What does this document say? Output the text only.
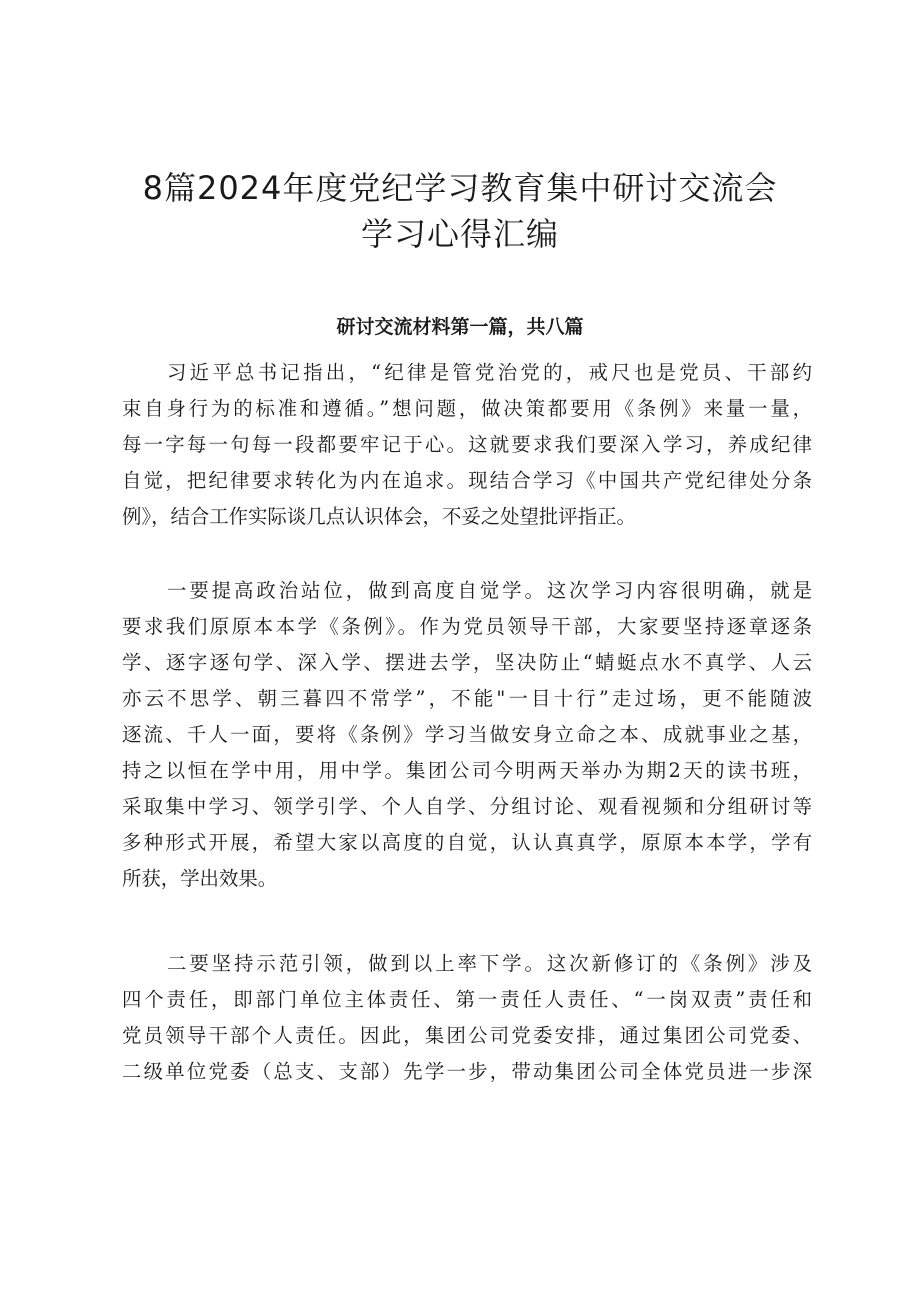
8篇2024年度党纪学习教育集中研讨交流会
学习心得汇编
研讨交流材料第一篇，共八篇

习近平总书记指出，“纪律是管党治党的，戒尺也是党员、干部约
束自身行为的标准和遵循。”想问题，做决策都要用《条例》来量一量，
每一字每一句每一段都要牢记于心。这就要求我们要深入学习，养成纪律
自觉，把纪律要求转化为内在追求。现结合学习《中国共产党纪律处分条
例》，结合工作实际谈几点认识体会，不妥之处望批评指正。

一要提高政治站位，做到高度自觉学。这次学习内容很明确，就是
要求我们原原本本学《条例》。作为党员领导干部，大家要坚持逐章逐条
学、逐字逐句学、深入学、摆进去学，坚决防止“蜻蜓点水不真学、人云
亦云不思学、朝三暮四不常学”，不能"一目十行”走过场，更不能随波
逐流、千人一面，要将《条例》学习当做安身立命之本、成就事业之基，
持之以恒在学中用，用中学。集团公司今明两天举办为期2天的读书班，
采取集中学习、领学引学、个人自学、分组讨论、观看视频和分组研讨等
多种形式开展，希望大家以高度的自觉，认认真真学，原原本本学，学有
所获，学出效果。

二要坚持示范引领，做到以上率下学。这次新修订的《条例》涉及
四个责任，即部门单位主体责任、第一责任人责任、“一岗双责”责任和
党员领导干部个人责任。因此，集团公司党委安排，通过集团公司党委、
二级单位党委（总支、支部）先学一步，带动集团公司全体党员进一步深
